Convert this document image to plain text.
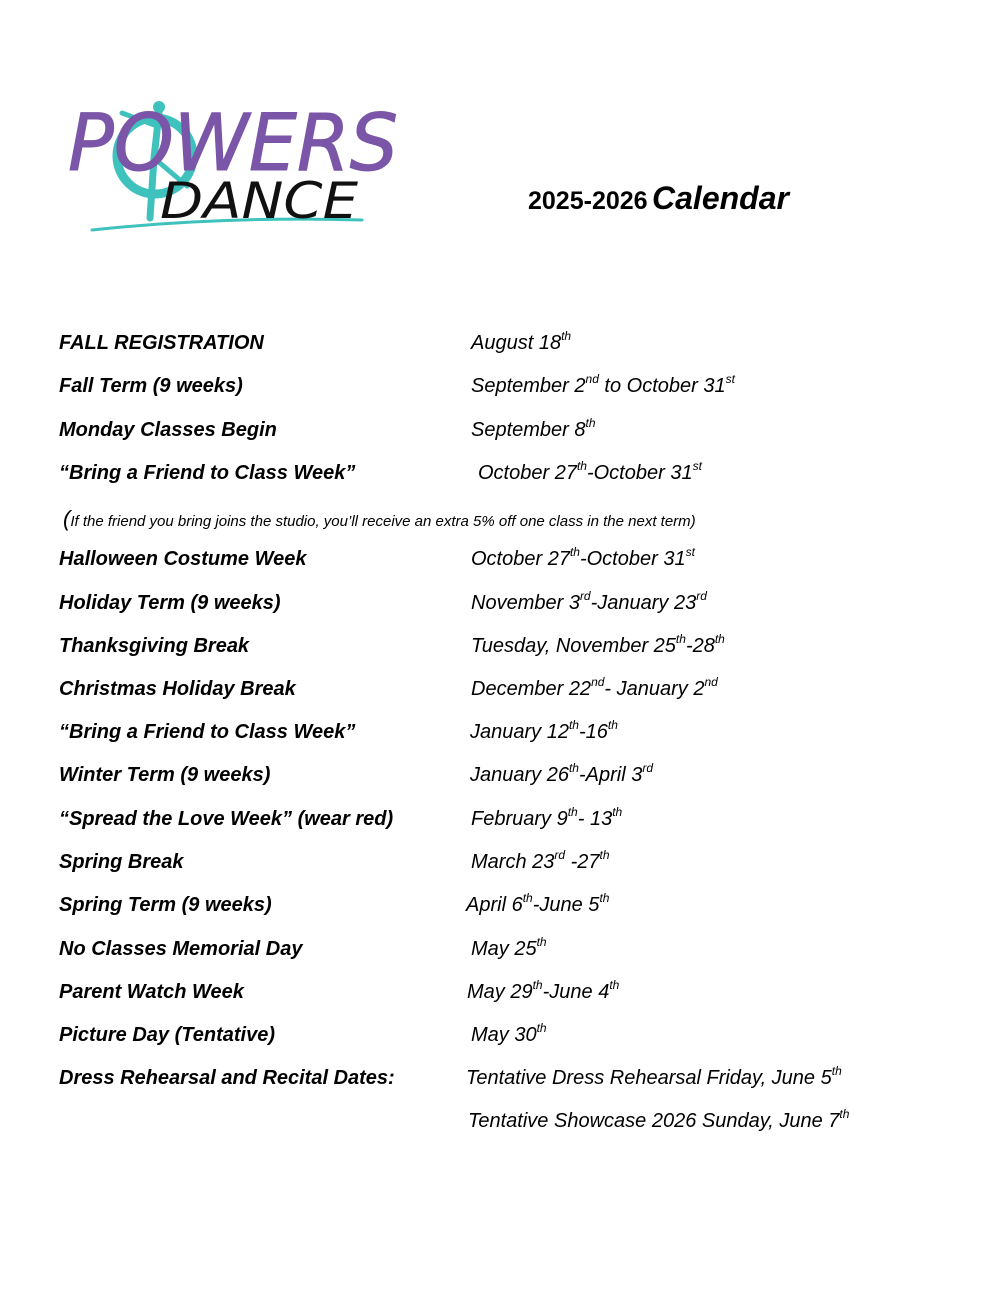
POWERS
DANCE	2025-2026 Calendar
(If the friend you bring joins the studio, you’ll receive an extra 5% off one class in the next term)
FALL REGISTRATION	August 18th
Fall Term (9 weeks)	September 2nd to October 31st
Monday Classes Begin	September 8th
“Bring a Friend to Class Week”	October 27th-October 31st
Halloween Costume Week	October 27th-October 31st
Holiday Term (9 weeks)	November 3rd-January 23rd
Thanksgiving Break	Tuesday, November 25th-28th
Christmas Holiday Break	December 22nd- January 2nd
“Bring a Friend to Class Week”	January 12th-16th
Winter Term (9 weeks)	January 26th-April 3rd
“Spread the Love Week” (wear red)	February 9th- 13th
Spring Break	March 23rd -27th
Spring Term (9 weeks)	April 6th-June 5th
No Classes Memorial Day	May 25th
Parent Watch Week	May 29th-June 4th
Picture Day (Tentative)	May 30th
Dress Rehearsal and Recital Dates:	Tentative Dress Rehearsal Friday, June 5th
Tentative Showcase 2026 Sunday, June 7th
